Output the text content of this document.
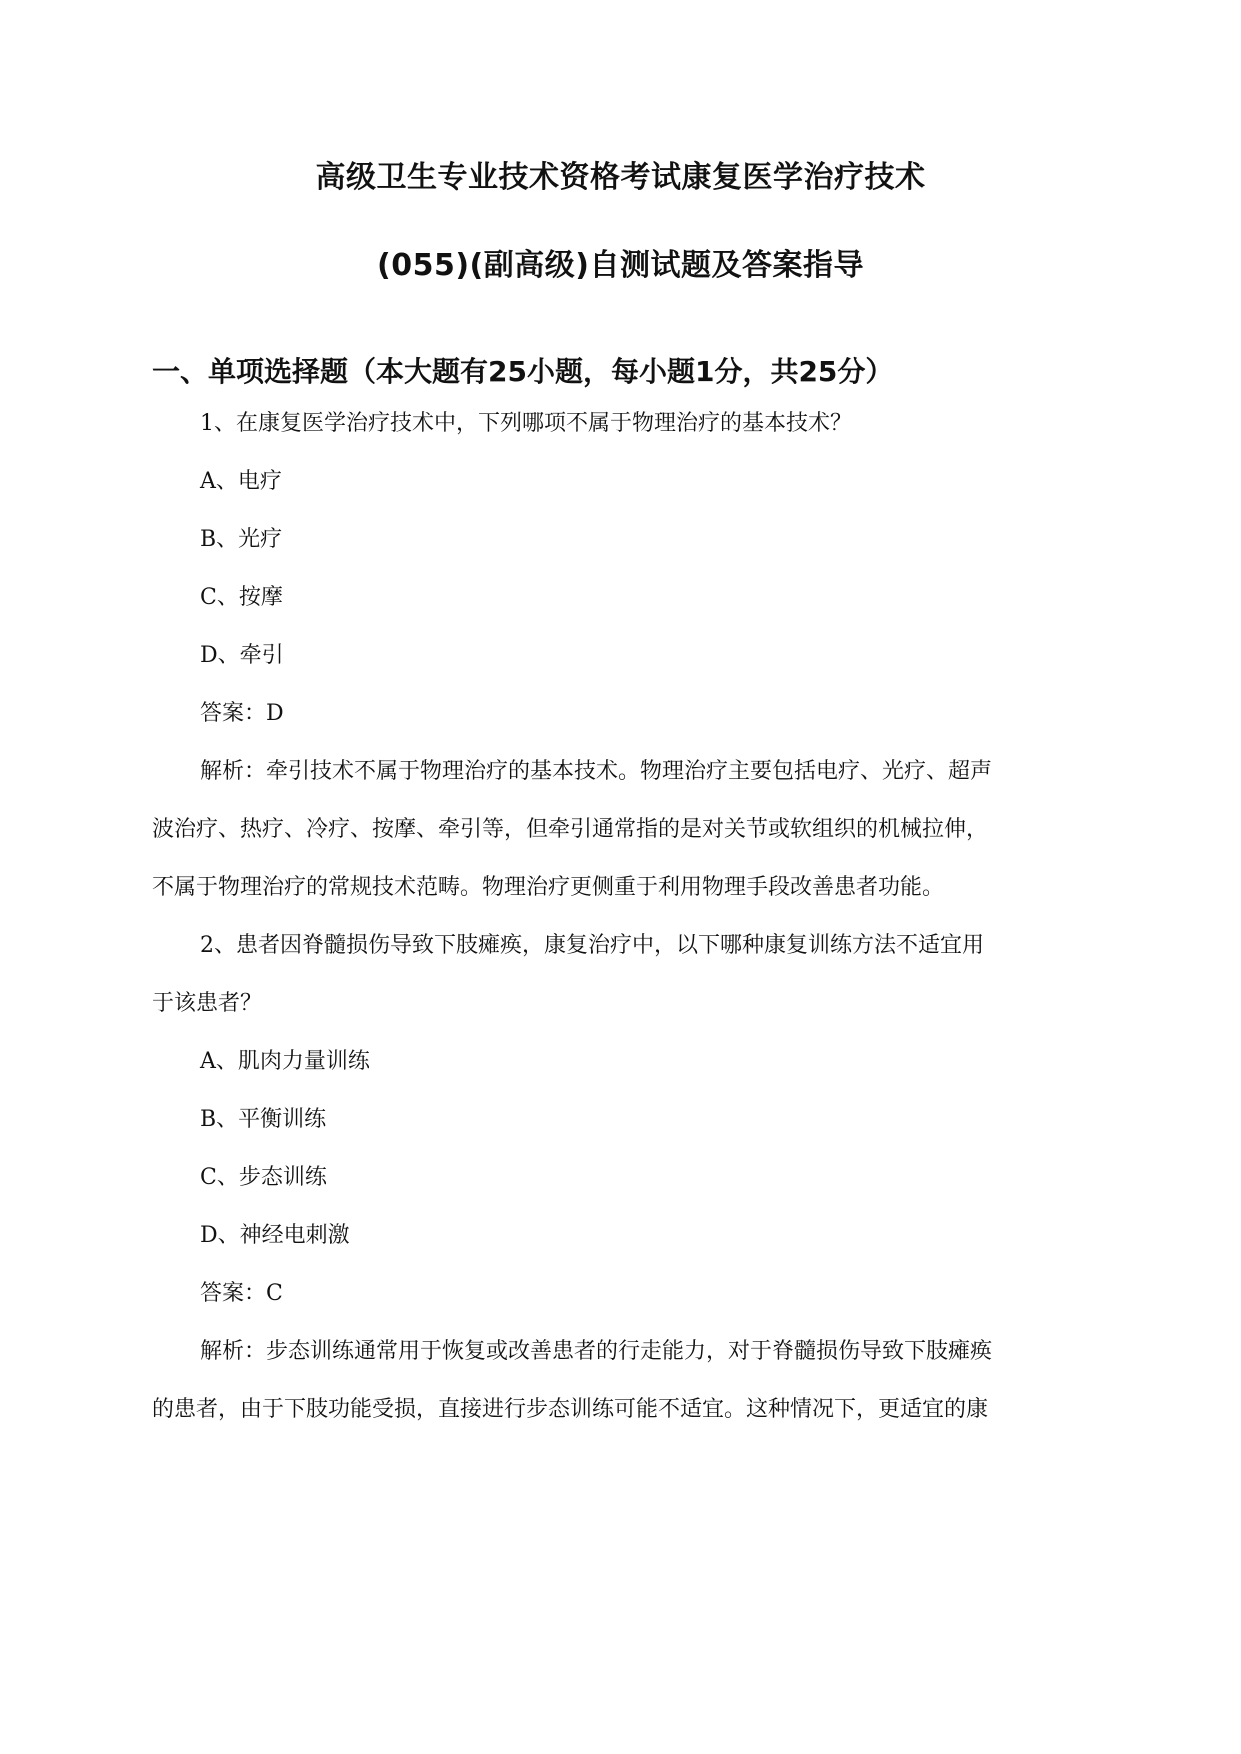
高级卫生专业技术资格考试康复医学治疗技术
(055)(副高级)自测试题及答案指导
一、单项选择题（本大题有25小题，每小题1分，共25分）
1、在康复医学治疗技术中，下列哪项不属于物理治疗的基本技术？
A、电疗
B、光疗
C、按摩
D、牵引
答案：D
解析：牵引技术不属于物理治疗的基本技术。物理治疗主要包括电疗、光疗、超声
波治疗、热疗、冷疗、按摩、牵引等，但牵引通常指的是对关节或软组织的机械拉伸，
不属于物理治疗的常规技术范畴。物理治疗更侧重于利用物理手段改善患者功能。
2、患者因脊髓损伤导致下肢瘫痪，康复治疗中，以下哪种康复训练方法不适宜用
于该患者？
A、肌肉力量训练
B、平衡训练
C、步态训练
D、神经电刺激
答案：C
解析：步态训练通常用于恢复或改善患者的行走能力，对于脊髓损伤导致下肢瘫痪
的患者，由于下肢功能受损，直接进行步态训练可能不适宜。这种情况下，更适宜的康
